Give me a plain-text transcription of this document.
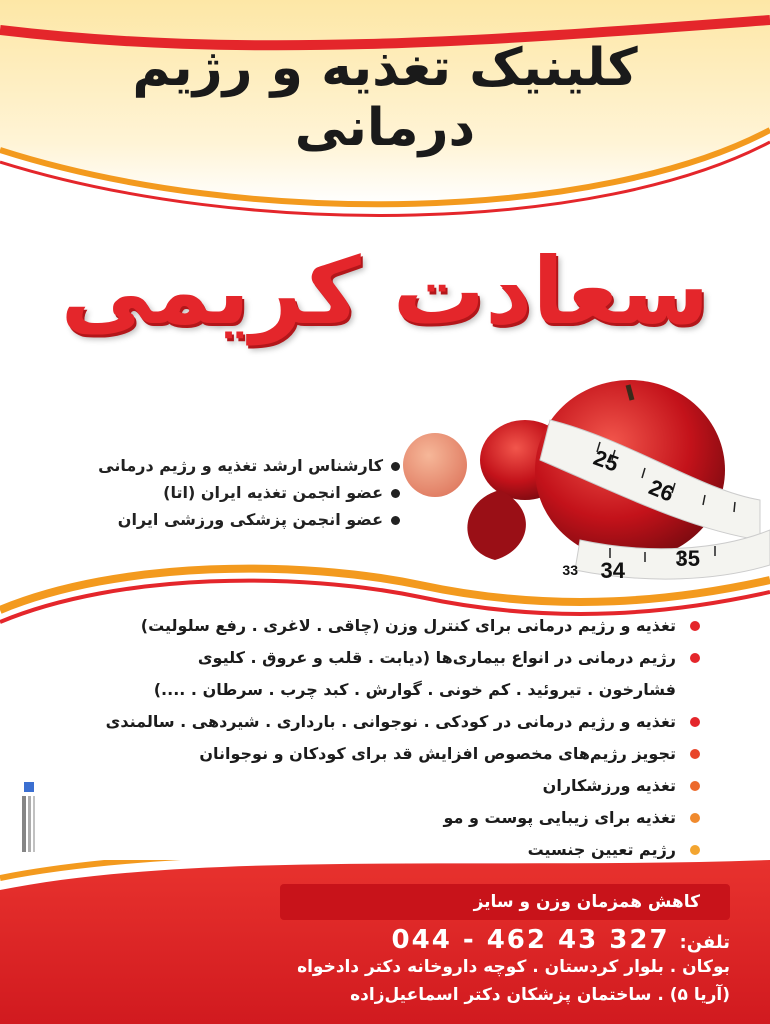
کلینیک تغذیه و رژیم درمانی
سعادت کریمی
25
26
34 35
33
کارشناس ارشد تغذیه و رژیم درمانی
عضو انجمن تغذیه ایران (اتا)
عضو انجمن پزشکی ورزشی ایران
تغذیه و رژیم درمانی برای کنترل وزن (چاقی . لاغری . رفع سلولیت)
رژیم درمانی در انواع بیماری‌ها (دیابت . قلب و عروق . کلیوی
فشارخون . تیروئید . کم خونی . گوارش . کبد چرب . سرطان . ....)
تغذیه و رژیم درمانی در کودکی . نوجوانی . بارداری . شیردهی . سالمندی
تجویز رژیم‌های مخصوص افزایش قد برای کودکان و نوجوانان
تغذیه ورزشکاران
تغذیه برای زیبایی پوست و مو
رژیم تعیین جنسیت
کاهش همزمان وزن و سایز
تلفن:
044 - 462 43 327
بوکان . بلوار کردستان . کوچه داروخانه دکتر دادخواه
(آریا ۵) . ساختمان پزشکان دکتر اسماعیل‌زاده
